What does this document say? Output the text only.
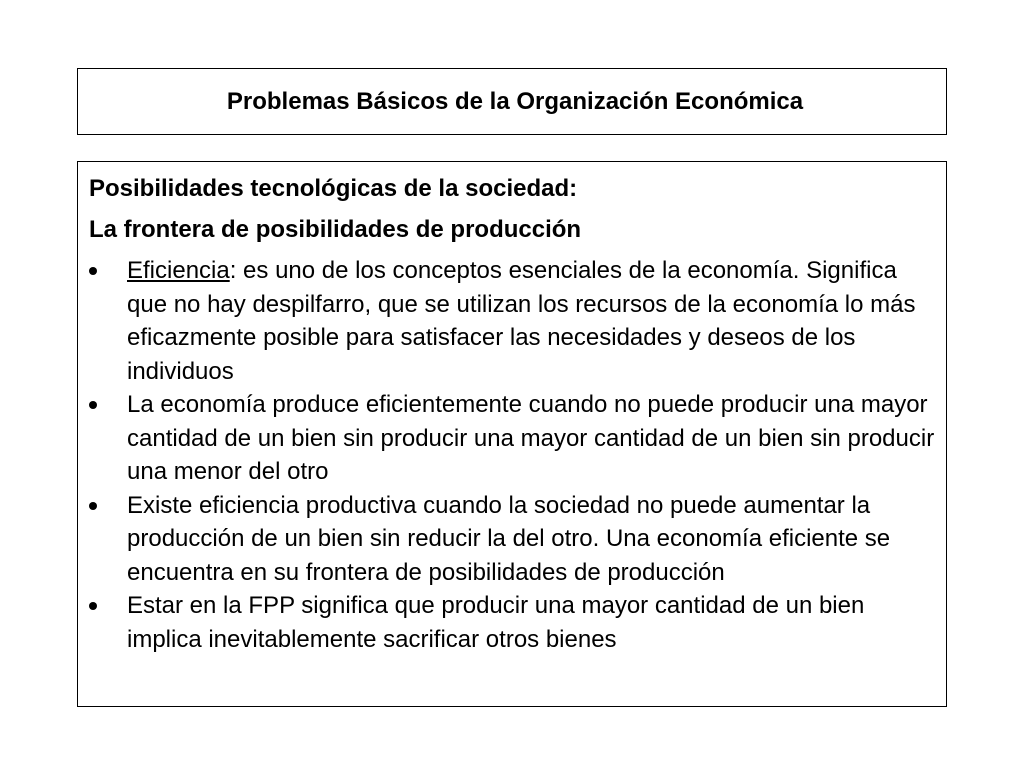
Problemas Básicos de la Organización Económica

Posibilidades tecnológicas de la sociedad:

La frontera de posibilidades de producción

Eficiencia: es uno de los conceptos esenciales de la economía. Significa que no hay despilfarro, que se utilizan los recursos de la economía lo más eficazmente posible para satisfacer las necesidades y deseos de los individuos
La economía produce eficientemente cuando no puede producir una mayor cantidad de un bien sin producir una mayor cantidad de un bien sin producir una menor del otro
Existe eficiencia productiva cuando la sociedad no puede aumentar la producción de un bien sin reducir la del otro. Una economía eficiente se encuentra en su frontera de posibilidades de producción
Estar en la FPP significa que producir una mayor cantidad de un bien implica inevitablemente sacrificar otros bienes
